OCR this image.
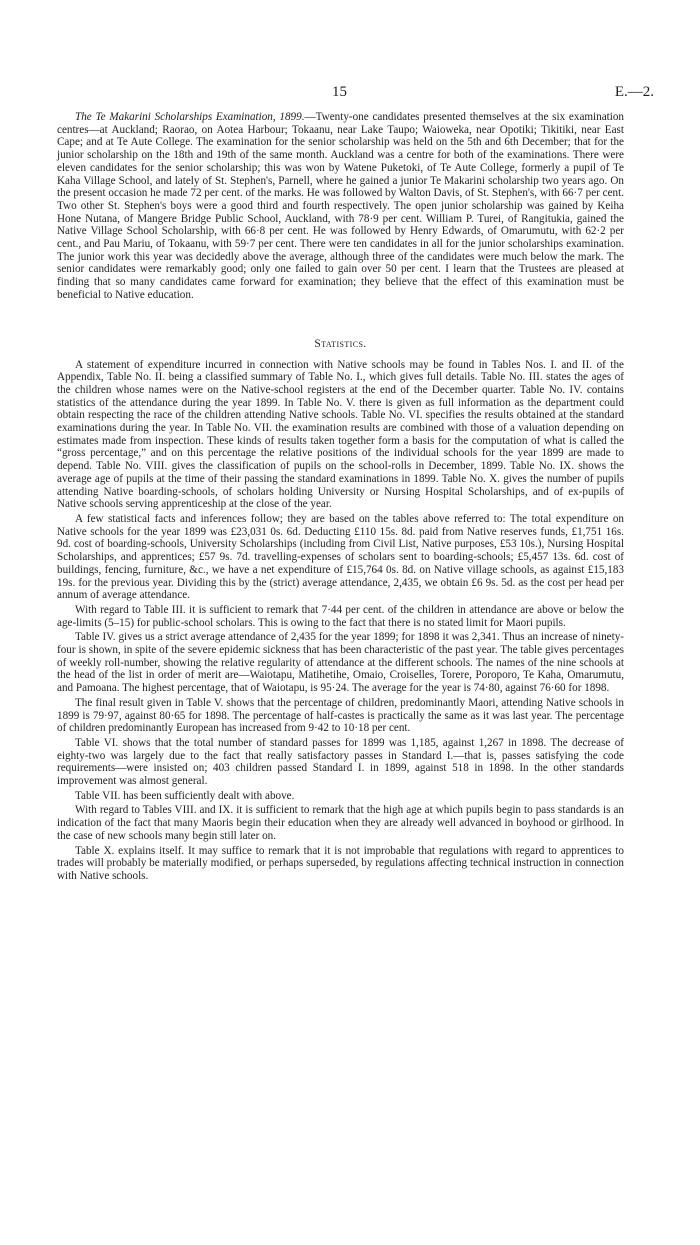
15	E.—2.

The Te Makarini Scholarships Examination, 1899.—Twenty-one candidates presented themselves at the six examination centres—at Auckland; Raorao, on Aotea Harbour; Tokaanu, near Lake Taupo; Waioweka, near Opotiki; Tikitiki, near East Cape; and at Te Aute College. The examination for the senior scholarship was held on the 5th and 6th December; that for the junior scholarship on the 18th and 19th of the same month. Auckland was a centre for both of the examinations. There were eleven candidates for the senior scholarship; this was won by Watene Puketoki, of Te Aute College, formerly a pupil of Te Kaha Village School, and lately of St. Stephen's, Parnell, where he gained a junior Te Makarini scholarship two years ago. On the present occasion he made 72 per cent. of the marks. He was followed by Walton Davis, of St. Stephen's, with 66·7 per cent. Two other St. Stephen's boys were a good third and fourth respectively. The open junior scholarship was gained by Keiha Hone Nutana, of Mangere Bridge Public School, Auckland, with 78·9 per cent. William P. Turei, of Rangitukia, gained the Native Village School Scholarship, with 66·8 per cent. He was followed by Henry Edwards, of Omarumutu, with 62·2 per cent., and Pau Mariu, of Tokaanu, with 59·7 per cent. There were ten candidates in all for the junior scholarships examination. The junior work this year was decidedly above the average, although three of the candidates were much below the mark. The senior candidates were remarkably good; only one failed to gain over 50 per cent. I learn that the Trustees are pleased at finding that so many candidates came forward for examination; they believe that the effect of this examination must be beneficial to Native education.

Statistics.

A statement of expenditure incurred in connection with Native schools may be found in Tables Nos. I. and II. of the Appendix, Table No. II. being a classified summary of Table No. I., which gives full details. Table No. III. states the ages of the children whose names were on the Native-school registers at the end of the December quarter. Table No. IV. contains statistics of the attendance during the year 1899. In Table No. V. there is given as full information as the department could obtain respecting the race of the children attending Native schools. Table No. VI. specifies the results obtained at the standard examinations during the year. In Table No. VII. the examination results are combined with those of a valuation depending on estimates made from inspection. These kinds of results taken together form a basis for the computation of what is called the “gross percentage,” and on this percentage the relative positions of the individual schools for the year 1899 are made to depend. Table No. VIII. gives the classification of pupils on the school-rolls in December, 1899. Table No. IX. shows the average age of pupils at the time of their passing the standard examinations in 1899. Table No. X. gives the number of pupils attending Native boarding-schools, of scholars holding University or Nursing Hospital Scholarships, and of ex-pupils of Native schools serving apprenticeship at the close of the year.

A few statistical facts and inferences follow; they are based on the tables above referred to: The total expenditure on Native schools for the year 1899 was £23,031 0s. 6d. Deducting £110 15s. 8d. paid from Native reserves funds, £1,751 16s. 9d. cost of boarding-schools, University Scholarships (including from Civil List, Native purposes, £53 10s.), Nursing Hospital Scholarships, and apprentices; £57 9s. 7d. travelling-expenses of scholars sent to boarding-schools; £5,457 13s. 6d. cost of buildings, fencing, furniture, &c., we have a net expenditure of £15,764 0s. 8d. on Native village schools, as against £15,183 19s. for the previous year. Dividing this by the (strict) average attendance, 2,435, we obtain £6 9s. 5d. as the cost per head per annum of average attendance.

With regard to Table III. it is sufficient to remark that 7·44 per cent. of the children in attendance are above or below the age-limits (5–15) for public-school scholars. This is owing to the fact that there is no stated limit for Maori pupils.

Table IV. gives us a strict average attendance of 2,435 for the year 1899; for 1898 it was 2,341. Thus an increase of ninety-four is shown, in spite of the severe epidemic sickness that has been characteristic of the past year. The table gives percentages of weekly roll-number, showing the relative regularity of attendance at the different schools. The names of the nine schools at the head of the list in order of merit are—Waiotapu, Matihetihe, Omaio, Croiselles, Torere, Poroporo, Te Kaha, Omarumutu, and Pamoana. The highest percentage, that of Waiotapu, is 95·24. The average for the year is 74·80, against 76·60 for 1898.

The final result given in Table V. shows that the percentage of children, predominantly Maori, attending Native schools in 1899 is 79·97, against 80·65 for 1898. The percentage of half-castes is practically the same as it was last year. The percentage of children predominantly European has increased from 9·42 to 10·18 per cent.

Table VI. shows that the total number of standard passes for 1899 was 1,185, against 1,267 in 1898. The decrease of eighty-two was largely due to the fact that really satisfactory passes in Standard I.—that is, passes satisfying the code requirements—were insisted on; 403 children passed Standard I. in 1899, against 518 in 1898. In the other standards improvement was almost general.

Table VII. has been sufficiently dealt with above.

With regard to Tables VIII. and IX. it is sufficient to remark that the high age at which pupils begin to pass standards is an indication of the fact that many Maoris begin their education when they are already well advanced in boyhood or girlhood. In the case of new schools many begin still later on.

Table X. explains itself. It may suffice to remark that it is not improbable that regulations with regard to apprentices to trades will probably be materially modified, or perhaps superseded, by regulations affecting technical instruction in connection with Native schools.
